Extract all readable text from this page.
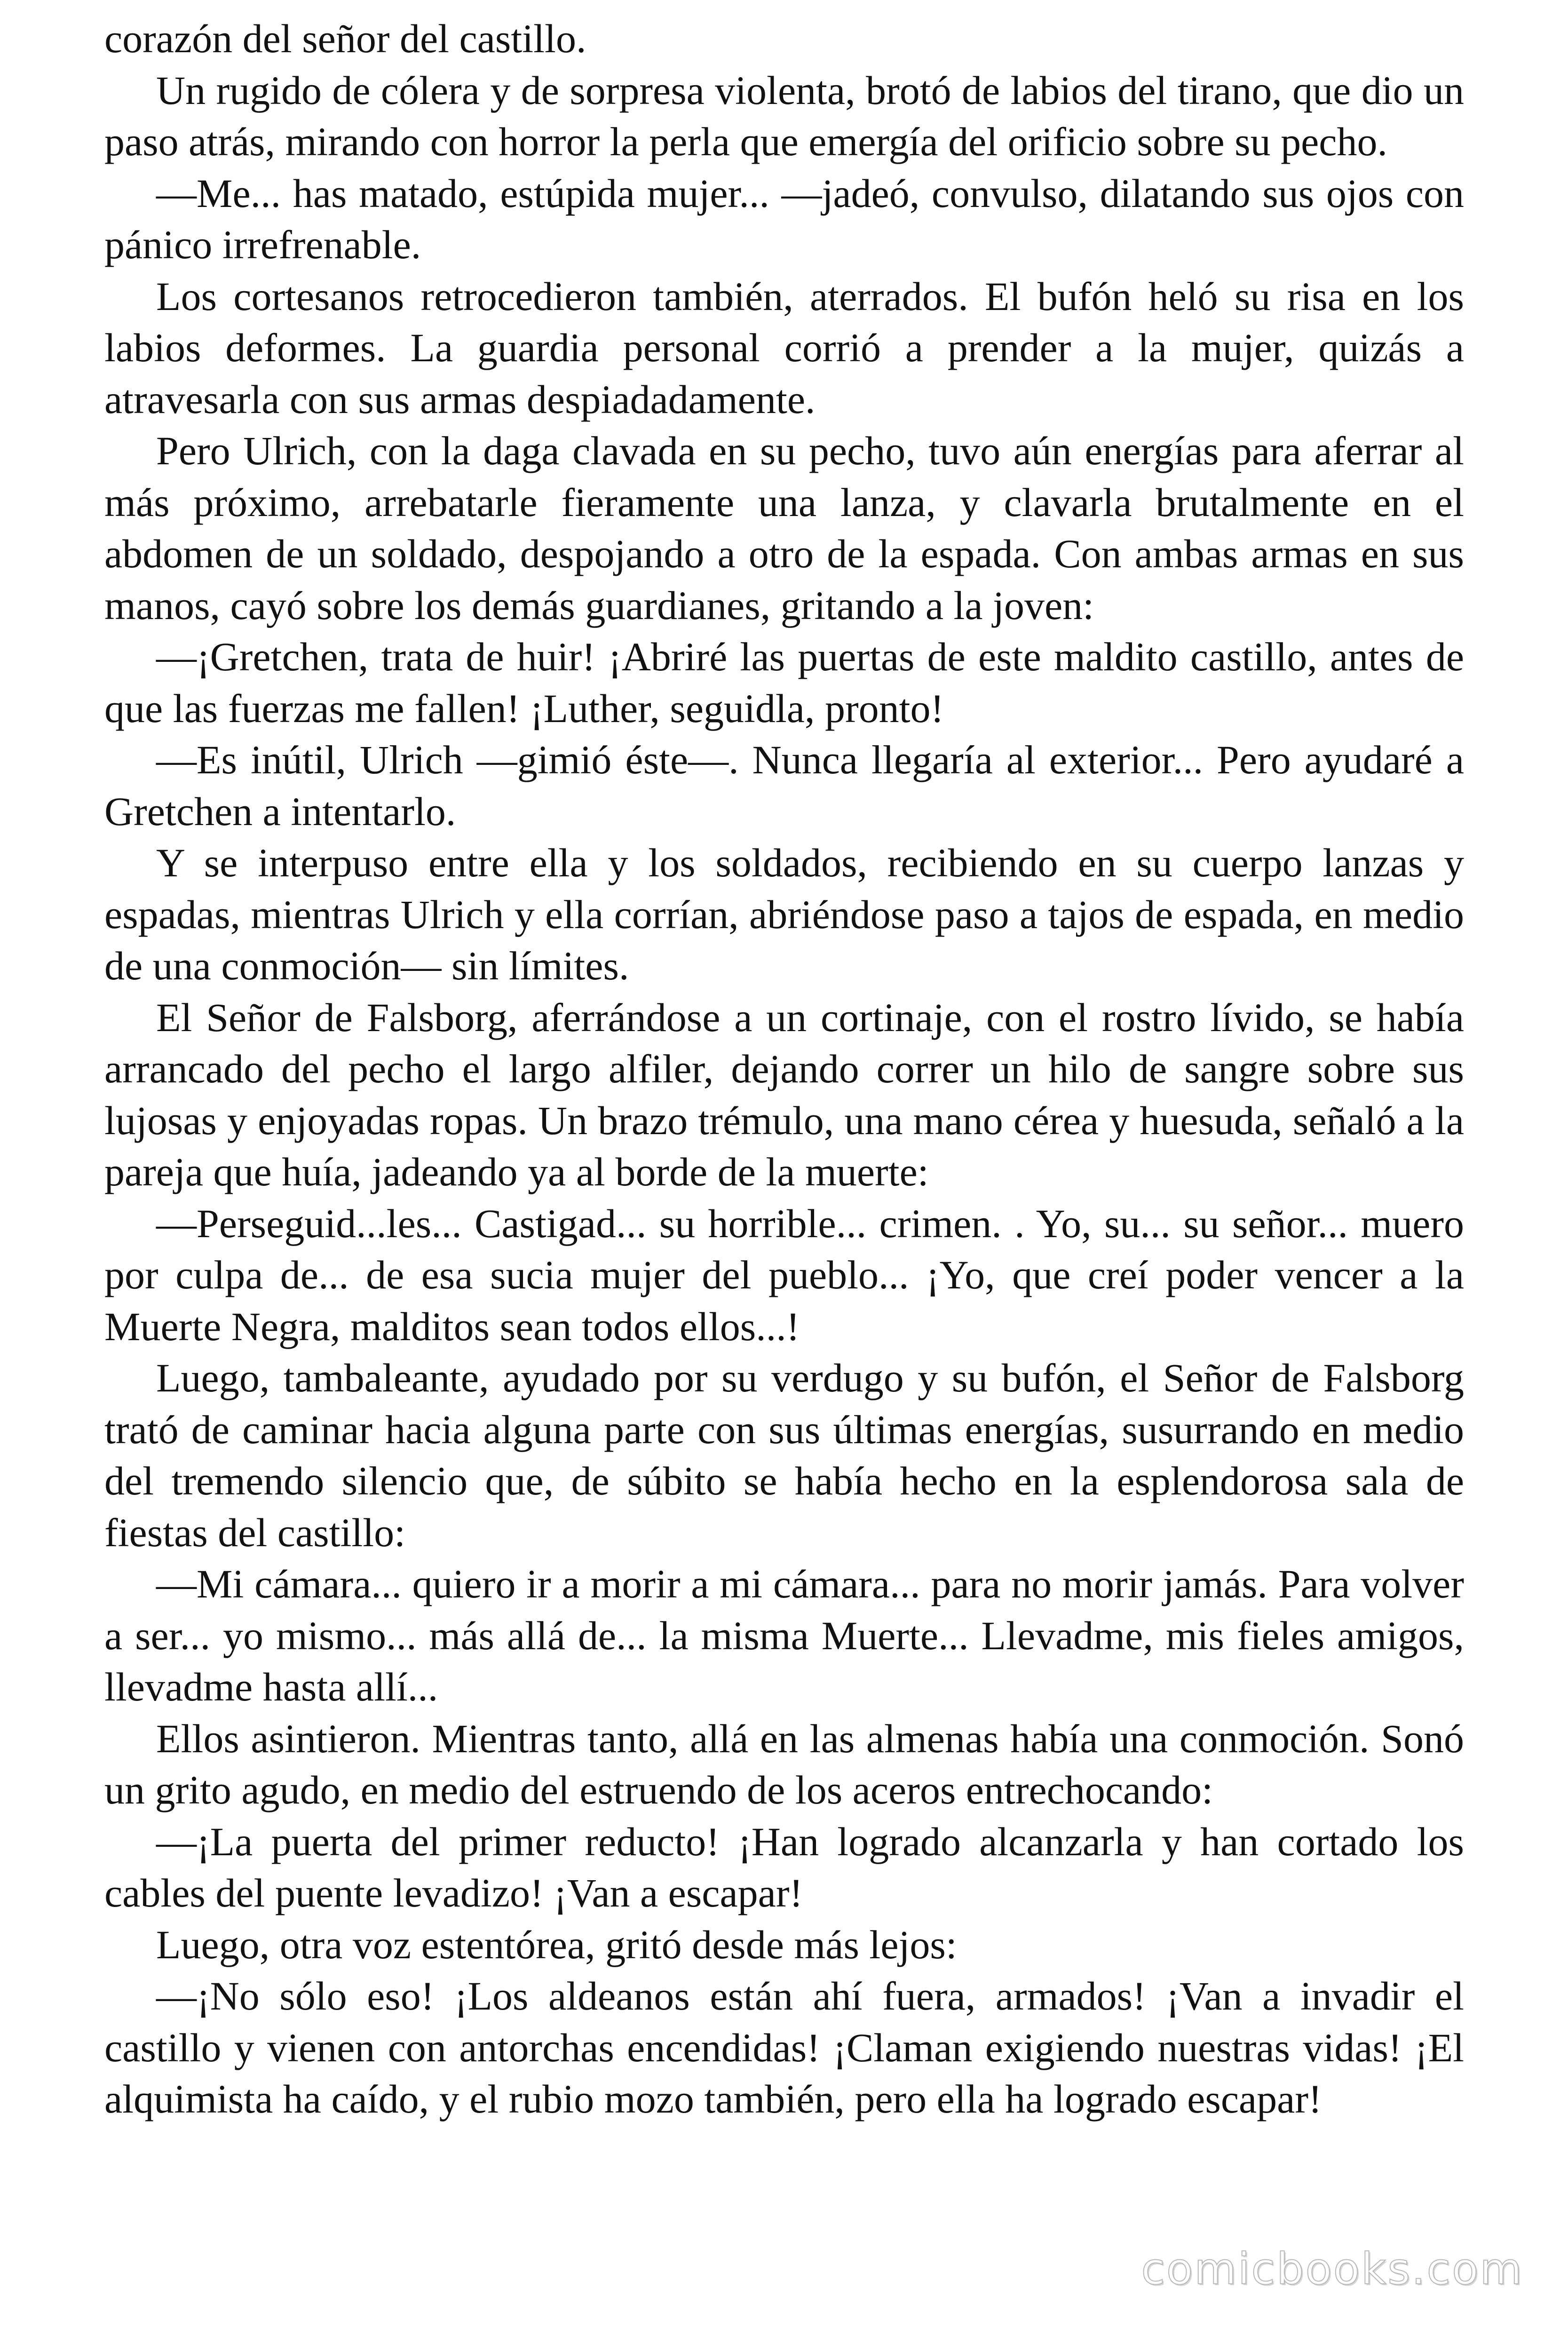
corazón del señor del castillo.

Un rugido de cólera y de sorpresa violenta, brotó de labios del tirano, que dio un paso atrás, mirando con horror la perla que emergía del orificio sobre su pecho.

—Me... has matado, estúpida mujer... —jadeó, convulso, dilatando sus ojos con pánico irrefrenable.

Los cortesanos retrocedieron también, aterrados. El bufón heló su risa en los labios deformes. La guardia personal corrió a prender a la mujer, quizás a atravesarla con sus armas despiadadamente.

Pero Ulrich, con la daga clavada en su pecho, tuvo aún energías para aferrar al más próximo, arrebatarle fieramente una lanza, y clavarla brutalmente en el abdomen de un soldado, despojando a otro de la espada. Con ambas armas en sus manos, cayó sobre los demás guardianes, gritando a la joven:

—¡Gretchen, trata de huir! ¡Abriré las puertas de este maldito castillo, antes de que las fuerzas me fallen! ¡Luther, seguidla, pronto!

—Es inútil, Ulrich —gimió éste—. Nunca llegaría al exterior... Pero ayudaré a Gretchen a intentarlo.

Y se interpuso entre ella y los soldados, recibiendo en su cuerpo lanzas y espadas, mientras Ulrich y ella corrían, abriéndose paso a tajos de espada, en medio de una conmoción— sin límites.

El Señor de Falsborg, aferrándose a un cortinaje, con el rostro lívido, se había arrancado del pecho el largo alfiler, dejando correr un hilo de sangre sobre sus lujosas y enjoyadas ropas. Un brazo trémulo, una mano cérea y huesuda, señaló a la pareja que huía, jadeando ya al borde de la muerte:

—Perseguid...les... Castigad... su horrible... crimen. . Yo, su... su señor... muero por culpa de... de esa sucia mujer del pueblo... ¡Yo, que creí poder vencer a la Muerte Negra, malditos sean todos ellos...!

Luego, tambaleante, ayudado por su verdugo y su bufón, el Señor de Falsborg trató de caminar hacia alguna parte con sus últimas energías, susurrando en medio del tremendo silencio que, de súbito se había hecho en la esplendorosa sala de fiestas del castillo:

—Mi cámara... quiero ir a morir a mi cámara... para no morir jamás. Para volver a ser... yo mismo... más allá de... la misma Muerte... Llevadme, mis fieles amigos, llevadme hasta allí...

Ellos asintieron. Mientras tanto, allá en las almenas había una conmoción. Sonó un grito agudo, en medio del estruendo de los aceros entrechocando:

—¡La puerta del primer reducto! ¡Han logrado alcanzarla y han cortado los cables del puente levadizo! ¡Van a escapar!

Luego, otra voz estentórea, gritó desde más lejos:

—¡No sólo eso! ¡Los aldeanos están ahí fuera, armados! ¡Van a invadir el castillo y vienen con antorchas encendidas! ¡Claman exigiendo nuestras vidas! ¡El alquimista ha caído, y el rubio mozo también, pero ella ha logrado escapar!

comicbooks.com
